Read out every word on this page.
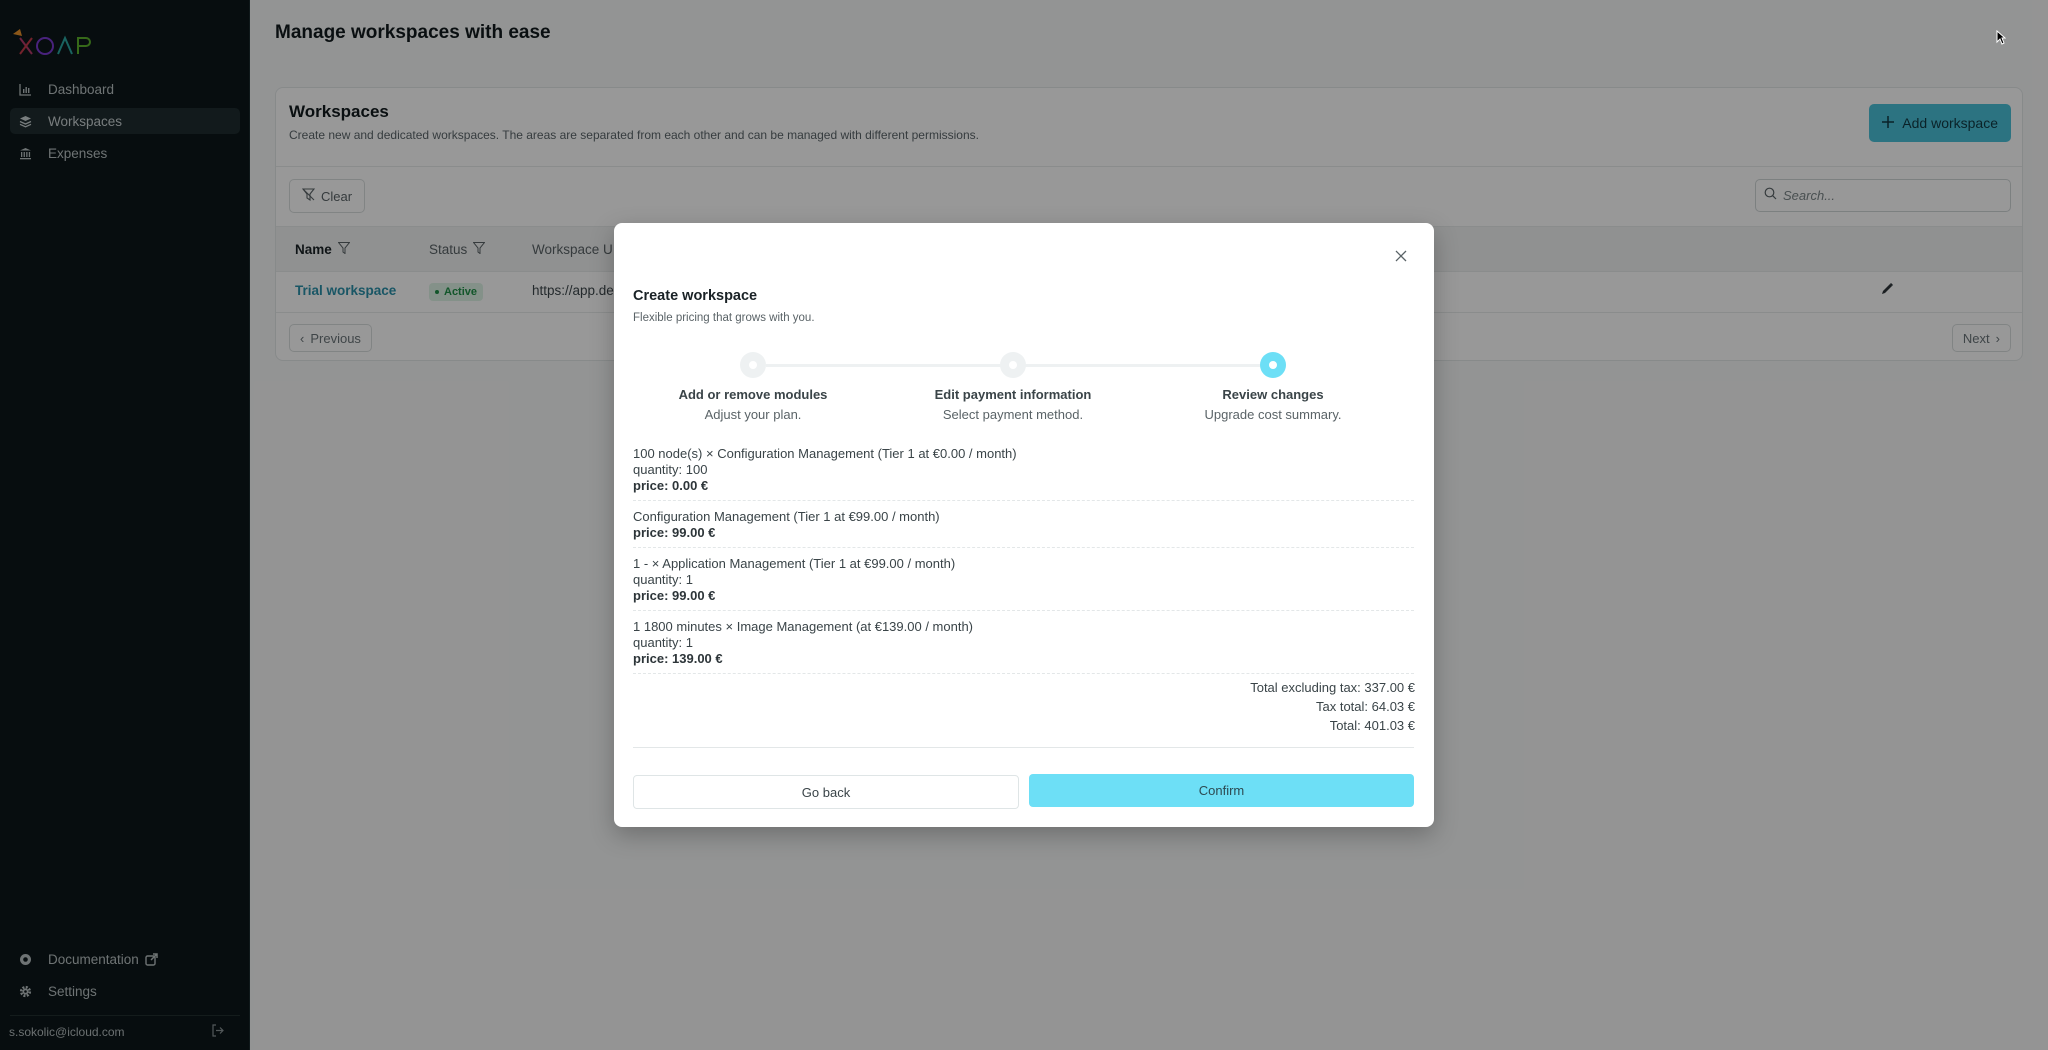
Dashboard
Workspaces
Expenses
Documentation
Settings
s.sokolic@icloud.com
Manage workspaces with ease
Workspaces
Create new and dedicated workspaces. The areas are separated from each other and can be managed with different permissions.
Add workspace
Clear
Search...
Name	Status	Workspace U
Trial workspace	Active	https://app.de
‹ Previous	Next ›
Create workspace
Flexible pricing that grows with you.
Add or remove modules
Adjust your plan.
Edit payment information
Select payment method.
Review changes
Upgrade cost summary.
100 node(s) × Configuration Management (Tier 1 at €0.00 / month)
quantity: 100
price: 0.00 €
Configuration Management (Tier 1 at €99.00 / month)
price: 99.00 €
1 - × Application Management (Tier 1 at €99.00 / month)
quantity: 1
price: 99.00 €
1 1800 minutes × Image Management (at €139.00 / month)
quantity: 1
price: 139.00 €
Total excluding tax: 337.00 €
Tax total: 64.03 €
Total: 401.03 €
Go back	Confirm
